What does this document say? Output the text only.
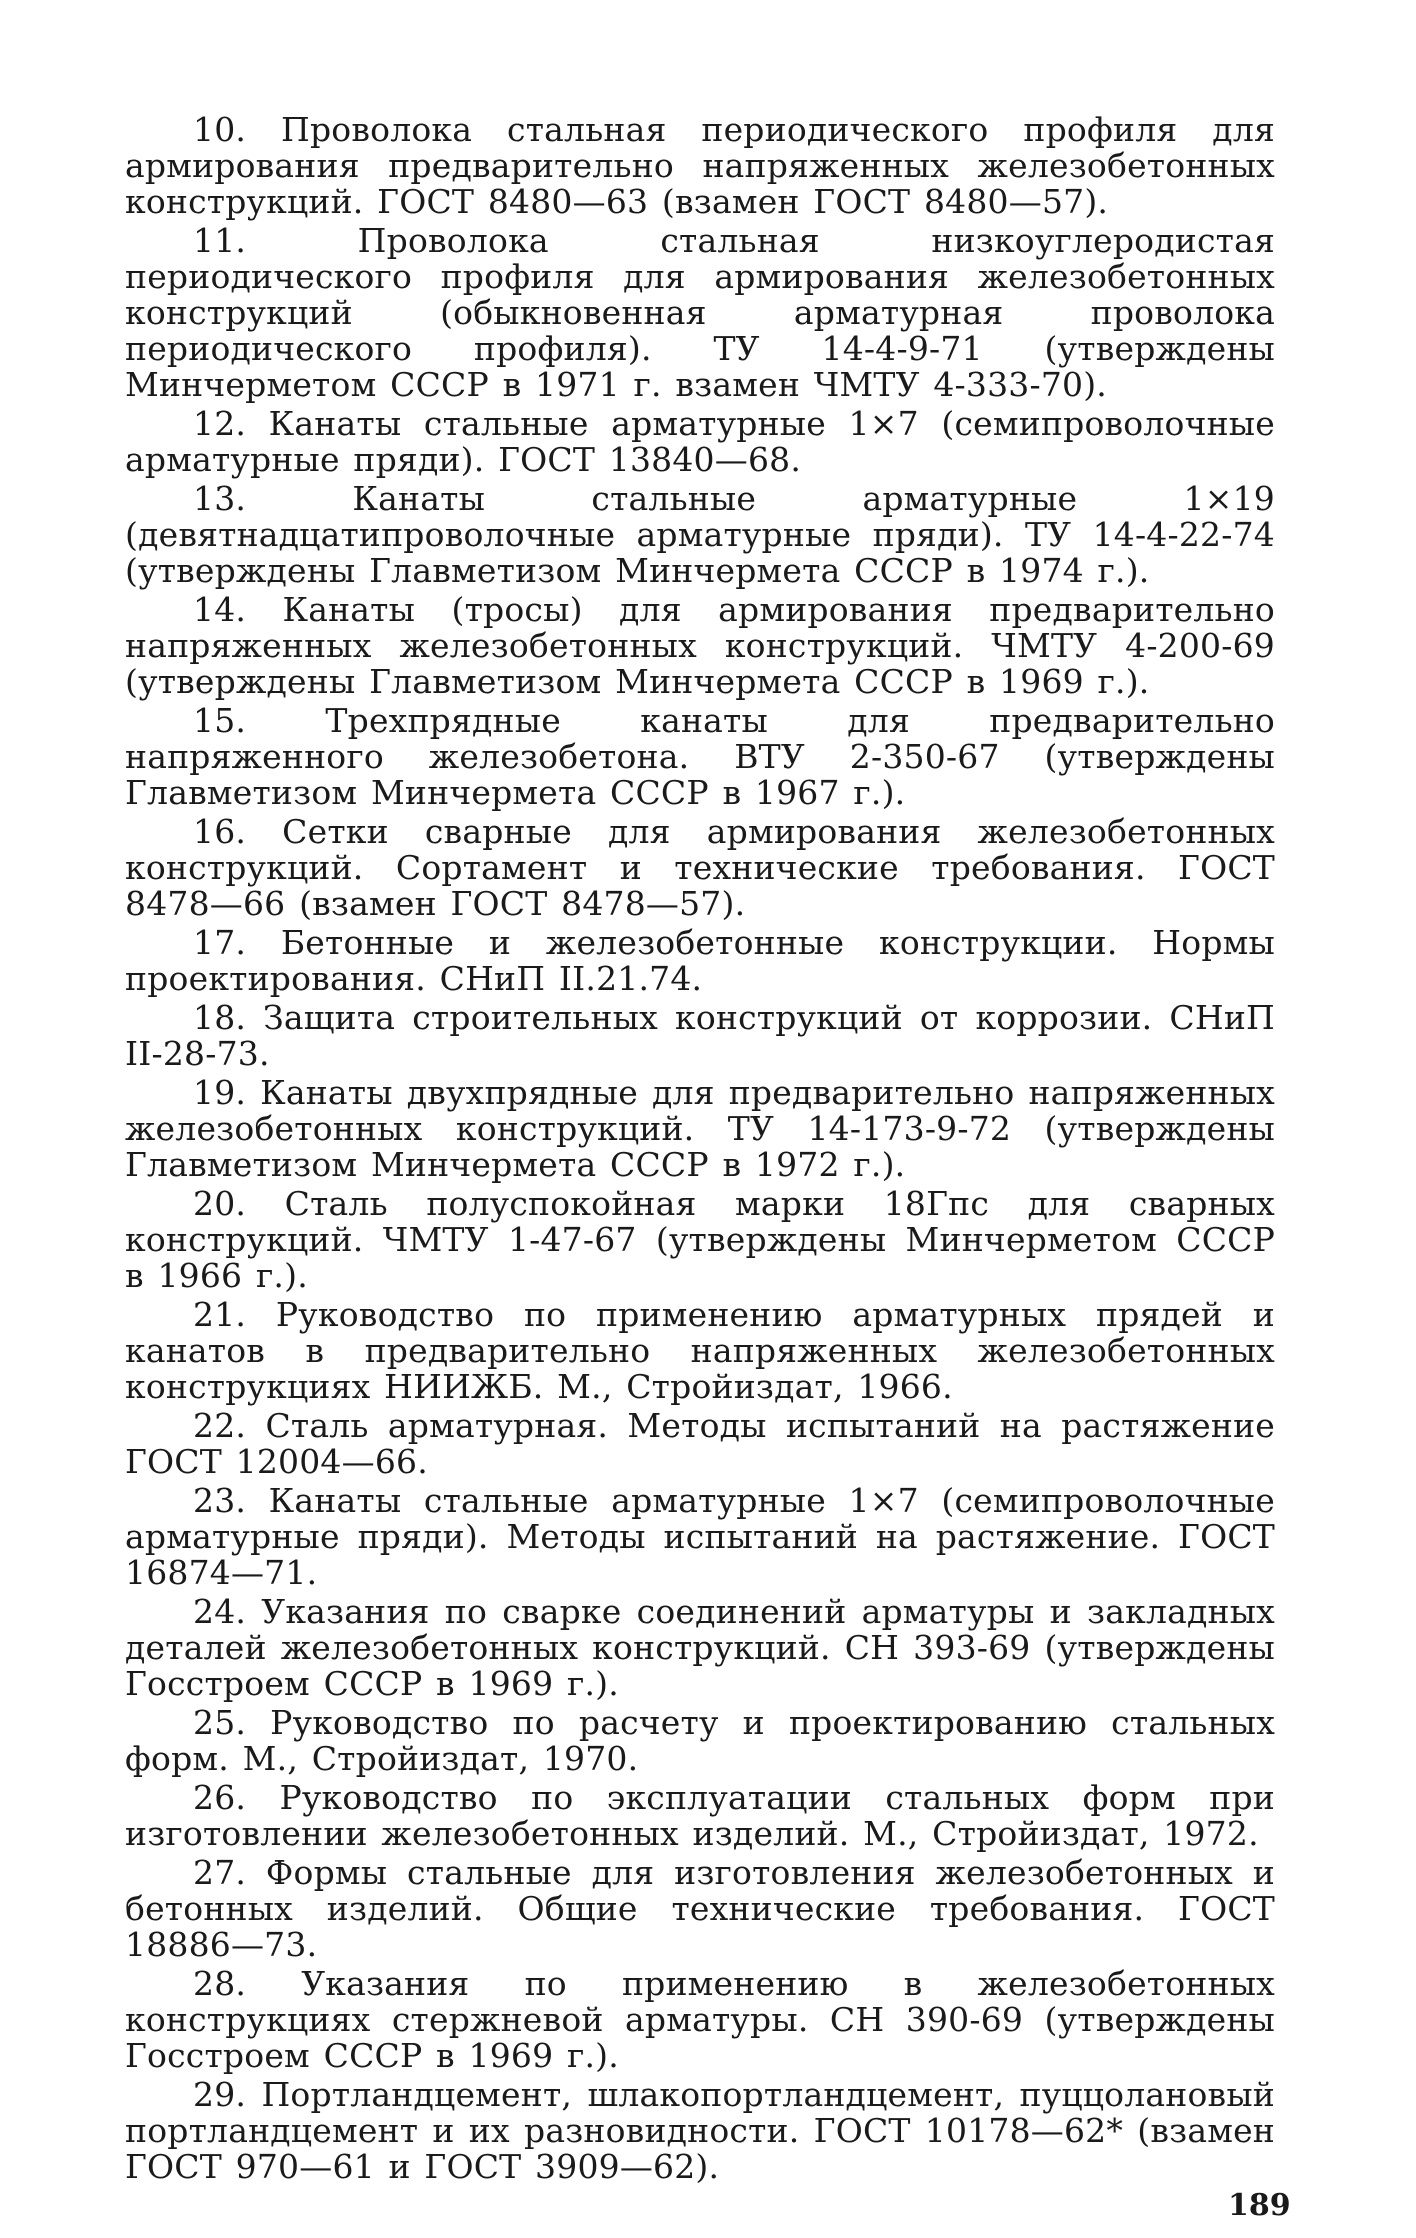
10. Проволока стальная периодического профиля для армирования предварительно напряженных железобетонных конструкций. ГОСТ 8480—63 (взамен ГОСТ 8480—57).

11. Проволока стальная низкоуглеродистая периодического профиля для армирования железобетонных конструкций (обыкновенная арматурная проволока периодического профиля). ТУ 14-4-9-71 (утверждены Минчерметом СССР в 1971 г. взамен ЧМТУ 4-333-70).

12. Канаты стальные арматурные 1×7 (семипроволочные арматурные пряди). ГОСТ 13840—68.

13. Канаты стальные арматурные 1×19 (девятнадцатипроволочные арматурные пряди). ТУ 14-4-22-74 (утверждены Главметизом Минчермета СССР в 1974 г.).

14. Канаты (тросы) для армирования предварительно напряженных железобетонных конструкций. ЧМТУ 4-200-69 (утверждены Главметизом Минчермета СССР в 1969 г.).

15. Трехпрядные канаты для предварительно напряженного железобетона. ВТУ 2-350-67 (утверждены Главметизом Минчермета СССР в 1967 г.).

16. Сетки сварные для армирования железобетонных конструкций. Сортамент и технические требования. ГОСТ 8478—66 (взамен ГОСТ 8478—57).

17. Бетонные и железобетонные конструкции. Нормы проектирования. СНиП II.21.74.

18. Защита строительных конструкций от коррозии. СНиП II-28-73.

19. Канаты двухпрядные для предварительно напряженных железобетонных конструкций. ТУ 14-173-9-72 (утверждены Главметизом Минчермета СССР в 1972 г.).

20. Сталь полуспокойная марки 18Гпс для сварных конструкций. ЧМТУ 1-47-67 (утверждены Минчерметом СССР в 1966 г.).

21. Руководство по применению арматурных прядей и канатов в предварительно напряженных железобетонных конструкциях НИИЖБ. М., Стройиздат, 1966.

22. Сталь арматурная. Методы испытаний на растяжение ГОСТ 12004—66.

23. Канаты стальные арматурные 1×7 (семипроволочные арматурные пряди). Методы испытаний на растяжение. ГОСТ 16874—71.

24. Указания по сварке соединений арматуры и закладных деталей железобетонных конструкций. СН 393-69 (утверждены Госстроем СССР в 1969 г.).

25. Руководство по расчету и проектированию стальных форм. М., Стройиздат, 1970.

26. Руководство по эксплуатации стальных форм при изготовлении железобетонных изделий. М., Стройиздат, 1972.

27. Формы стальные для изготовления железобетонных и бетонных изделий. Общие технические требования. ГОСТ 18886—73.

28. Указания по применению в железобетонных конструкциях стержневой арматуры. СН 390-69 (утверждены Госстроем СССР в 1969 г.).

29. Портландцемент, шлакопортландцемент, пуццолановый портландцемент и их разновидности. ГОСТ 10178—62* (взамен ГОСТ 970—61 и ГОСТ 3909—62).

189
